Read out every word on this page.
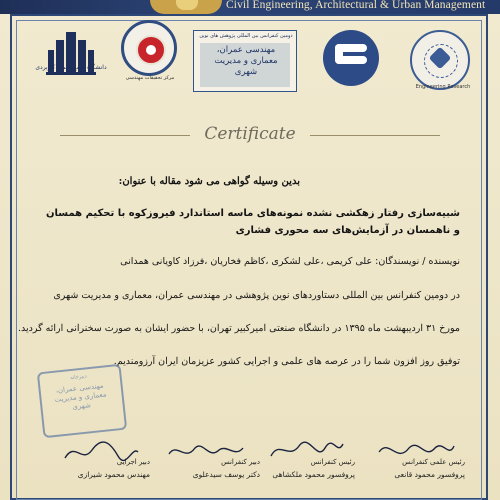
Civil Engineering, Architectural & Urban Management
دانشگاه جامع علمی کاربردی
مرکز تحقیقات مهندسی
دومین کنفرانس بین المللی پژوهش های نوین
مهندسی عمران، معماری و مدیریت شهری
Engineering Research
Certificate
بدین وسیله گواهی می شود مقاله با عنوان:
شبیه‌سازی رفتار زهکشی نشده نمونه‌های ماسه استاندارد فیروزکوه با تحکیم همسان و ناهمسان در آزمایش‌های سه محوری فشاری
نویسنده / نویسندگان: علی کریمی ،علی لشکری ،کاظم فخاریان ،فرزاد کاویانی همدانی
در دومین کنفرانس بین المللی دستاوردهای نوین پژوهشی در مهندسی عمران، معماری و مدیریت شهری
مورخ ۳۱ اردیبهشت ماه ۱۳۹۵ در دانشگاه صنعتی امیرکبیر تهران، با حضور ایشان به صورت سخنرانی ارائه گردید.
توفیق روز افزون شما را در عرصه های علمی و اجرایی کشور عزیزمان ایران آرزومندیم.
دبیرخانه
مهندسی عمران، معماری و مدیریت شهری
دبیر اجرایی
مهندس محمود شیرازی
دبیر کنفرانس
دکتر یوسف سیدعلوی
رئیس کنفرانس
پروفسور محمود ملکشاهی
رئیس علمی کنفرانس
پروفسور محمود قانعی
